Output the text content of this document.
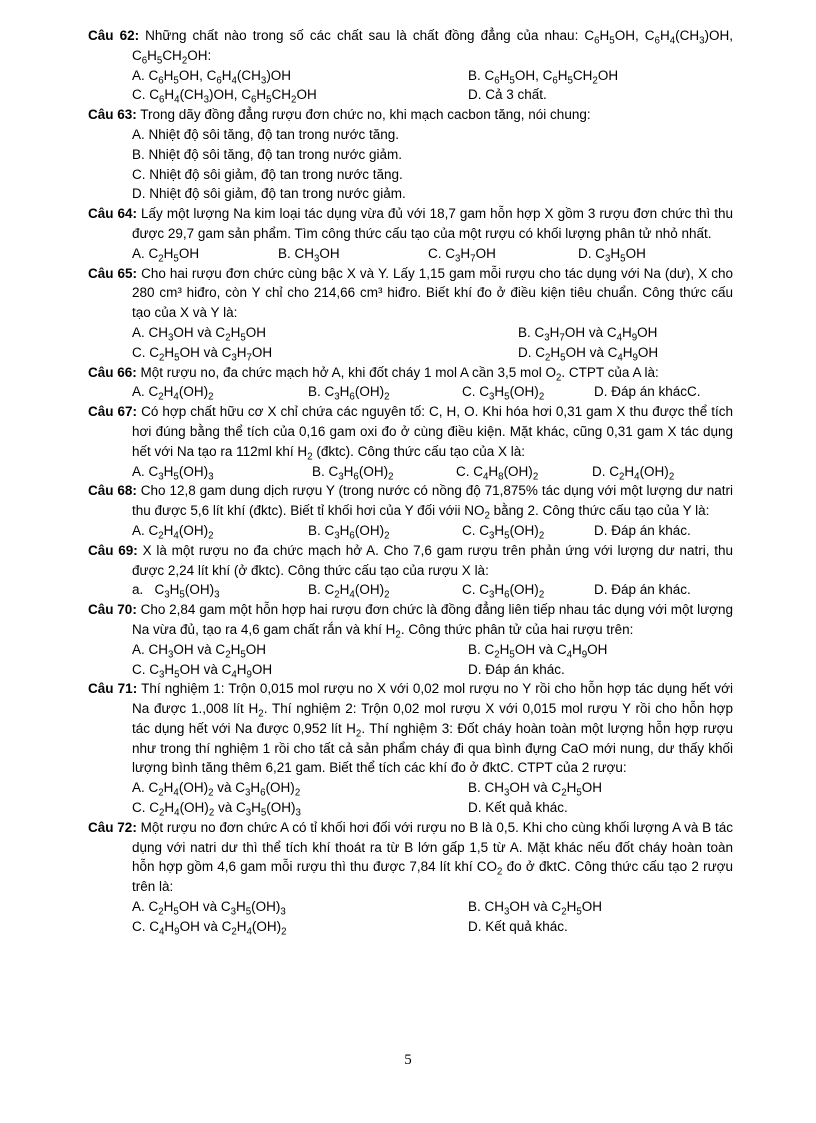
Câu 62: Những chất nào trong số các chất sau là chất đồng đẳng của nhau: $C_6H_5OH$, $C_6H_4(CH_3)OH$, $C_6H_5CH_2OH$:
A. $C_6H_5OH$, $C_6H_4(CH_3)OH$	B. $C_6H_5OH$, $C_6H_5CH_2OH$
C. $C_6H_4(CH_3)OH$, $C_6H_5CH_2OH$	D. Cả 3 chất.
Câu 63: Trong dãy đồng đẳng rượu đơn chức no, khi mạch cacbon tăng, nói chung:
A. Nhiệt độ sôi tăng, độ tan trong nước tăng.
B. Nhiệt độ sôi tăng, độ tan trong nước giảm.
C. Nhiệt độ sôi giảm, độ tan trong nước tăng.
D. Nhiệt độ sôi giảm, độ tan trong nước giảm.
Câu 64: Lấy một lượng Na kim loại tác dụng vừa đủ với 18,7 gam hỗn hợp X gồm 3 rượu đơn chức thì thu được 29,7 gam sản phẩm. Tìm công thức cấu tạo của một rượu có khối lượng phân tử nhỏ nhất.
A. $C_2H_5OH$	B. $CH_3OH$	C. $C_3H_7OH$	D. $C_3H_5OH$
Câu 65: Cho hai rượu đơn chức cùng bậc X và Y. Lấy 1,15 gam mỗi rượu cho tác dụng với Na (dư), X cho 280 cm³ hiđro, còn Y chỉ cho 214,66 cm³ hiđro. Biết khí đo ở điều kiện tiêu chuẩn. Công thức cấu tạo của X và Y là:
A. $CH_3OH$ và $C_2H_5OH$	B. $C_3H_7OH$ và $C_4H_9OH$
C. $C_2H_5OH$ và $C_3H_7OH$	D. $C_2H_5OH$ và $C_4H_9OH$
Câu 66: Một rượu no, đa chức mạch hở A, khi đốt cháy 1 mol A cần 3,5 mol $O_2$. CTPT của A là:
A. $C_2H_4(OH)_2$	B. $C_3H_6(OH)_2$	C. $C_3H_5(OH)_2$	D. Đáp án khácC.
Câu 67: Có hợp chất hữu cơ X chỉ chứa các nguyên tố: C, H, O. Khi hóa hơi 0,31 gam X thu được thể tích hơi đúng bằng thể tích của 0,16 gam oxi đo ở cùng điều kiện. Mặt khác, cũng 0,31 gam X tác dụng hết với Na tạo ra 112ml khí $H_2$ (đktc). Công thức cấu tạo của X là:
A. $C_3H_5(OH)_3$	B. $C_3H_6(OH)_2$	C. $C_4H_8(OH)_2$	D. $C_2H_4(OH)_2$
Câu 68: Cho 12,8 gam dung dịch rượu Y (trong nước có nồng độ 71,875% tác dụng với một lượng dư natri thu được 5,6 lít khí (đktc). Biết tỉ khối hơi của Y đối vớii $NO_2$ bằng 2. Công thức cấu tạo của Y là:
A. $C_2H_4(OH)_2$	B. $C_3H_6(OH)_2$	C. $C_3H_5(OH)_2$	D. Đáp án khác.
Câu 69: X là một rượu no đa chức mạch hở A. Cho 7,6 gam rượu trên phản ứng với lượng dư natri, thu được 2,24 lít khí (ở đktc). Công thức cấu tạo của rượu X là:
a.   $C_3H_5(OH)_3$	B. $C_2H_4(OH)_2$	C. $C_3H_6(OH)_2$	D. Đáp án khác.
Câu 70: Cho 2,84 gam một hỗn hợp hai rượu đơn chức là đồng đẳng liên tiếp nhau tác dụng với một lượng Na vừa đủ, tạo ra 4,6 gam chất rắn và khí $H_2$. Công thức phân tử của hai rượu trên:
A. $CH_3OH$ và $C_2H_5OH$	B. $C_2H_5OH$ và $C_4H_9OH$
C. $C_3H_5OH$ và $C_4H_9OH$	D. Đáp án khác.
Câu 71: Thí nghiệm 1: Trộn 0,015 mol rượu no X với 0,02 mol rượu no Y rồi cho hỗn hợp tác dụng hết với Na được 1.,008 lít $H_2$. Thí nghiệm 2: Trộn 0,02 mol rượu X với 0,015 mol rượu Y rồi cho hỗn hợp tác dụng hết với Na được 0,952 lít $H_2$. Thí nghiệm 3: Đốt cháy hoàn toàn một lượng hỗn hợp rượu như trong thí nghiệm 1 rồi cho tất cả sản phẩm cháy đi qua bình đựng CaO mới nung, dư thấy khối lượng bình tăng thêm 6,21 gam. Biết thể tích các khí đo ở đktC. CTPT của 2 rượu:
A. $C_2H_4(OH)_2$ và $C_3H_6(OH)_2$	B. $CH_3OH$ và $C_2H_5OH$
C. $C_2H_4(OH)_2$ và $C_3H_5(OH)_3$	D. Kết quả khác.
Câu 72: Một rượu no đơn chức A có tỉ khối hơi đối với rượu no B là 0,5. Khi cho cùng khối lượng A và B tác dụng với natri dư thì thể tích khí thoát ra từ B lớn gấp 1,5 từ A. Mặt khác nếu đốt cháy hoàn toàn hỗn hợp gồm 4,6 gam mỗi rượu thì thu được 7,84 lít khí $CO_2$ đo ở đktC. Công thức cấu tạo 2 rượu trên là:
A. $C_2H_5OH$ và $C_3H_5(OH)_3$	B. $CH_3OH$ và $C_2H_5OH$
C. $C_4H_9OH$ và $C_2H_4(OH)_2$	D. Kết quả khác.
5
